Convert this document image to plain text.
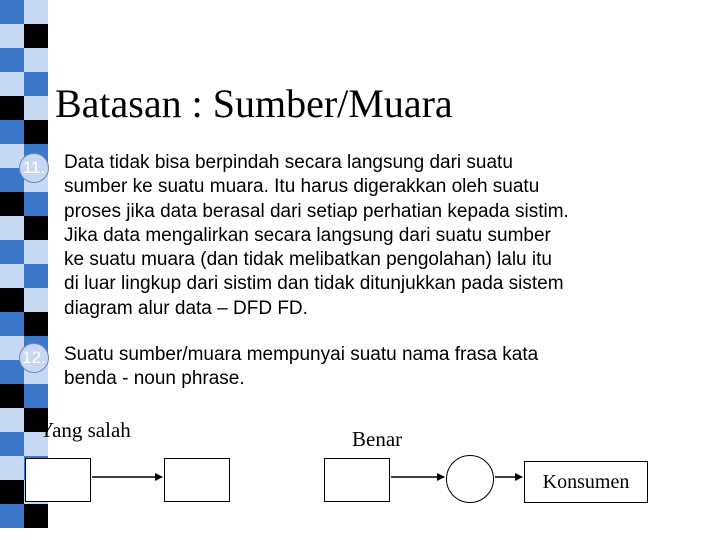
Batasan : Sumber/Muara
11. Data tidak bisa berpindah secara langsung dari suatu
sumber ke suatu muara. Itu harus digerakkan oleh suatu
proses jika data berasal dari setiap perhatian kepada sistim.
Jika data mengalirkan secara langsung dari suatu sumber
ke suatu muara (dan tidak melibatkan pengolahan) lalu itu
di luar lingkup dari sistim dan tidak ditunjukkan pada sistem
diagram alur data – DFD FD.
12. Suatu sumber/muara mempunyai suatu nama frasa kata
benda - noun phrase.
Yang salah	Benar
Konsumen
